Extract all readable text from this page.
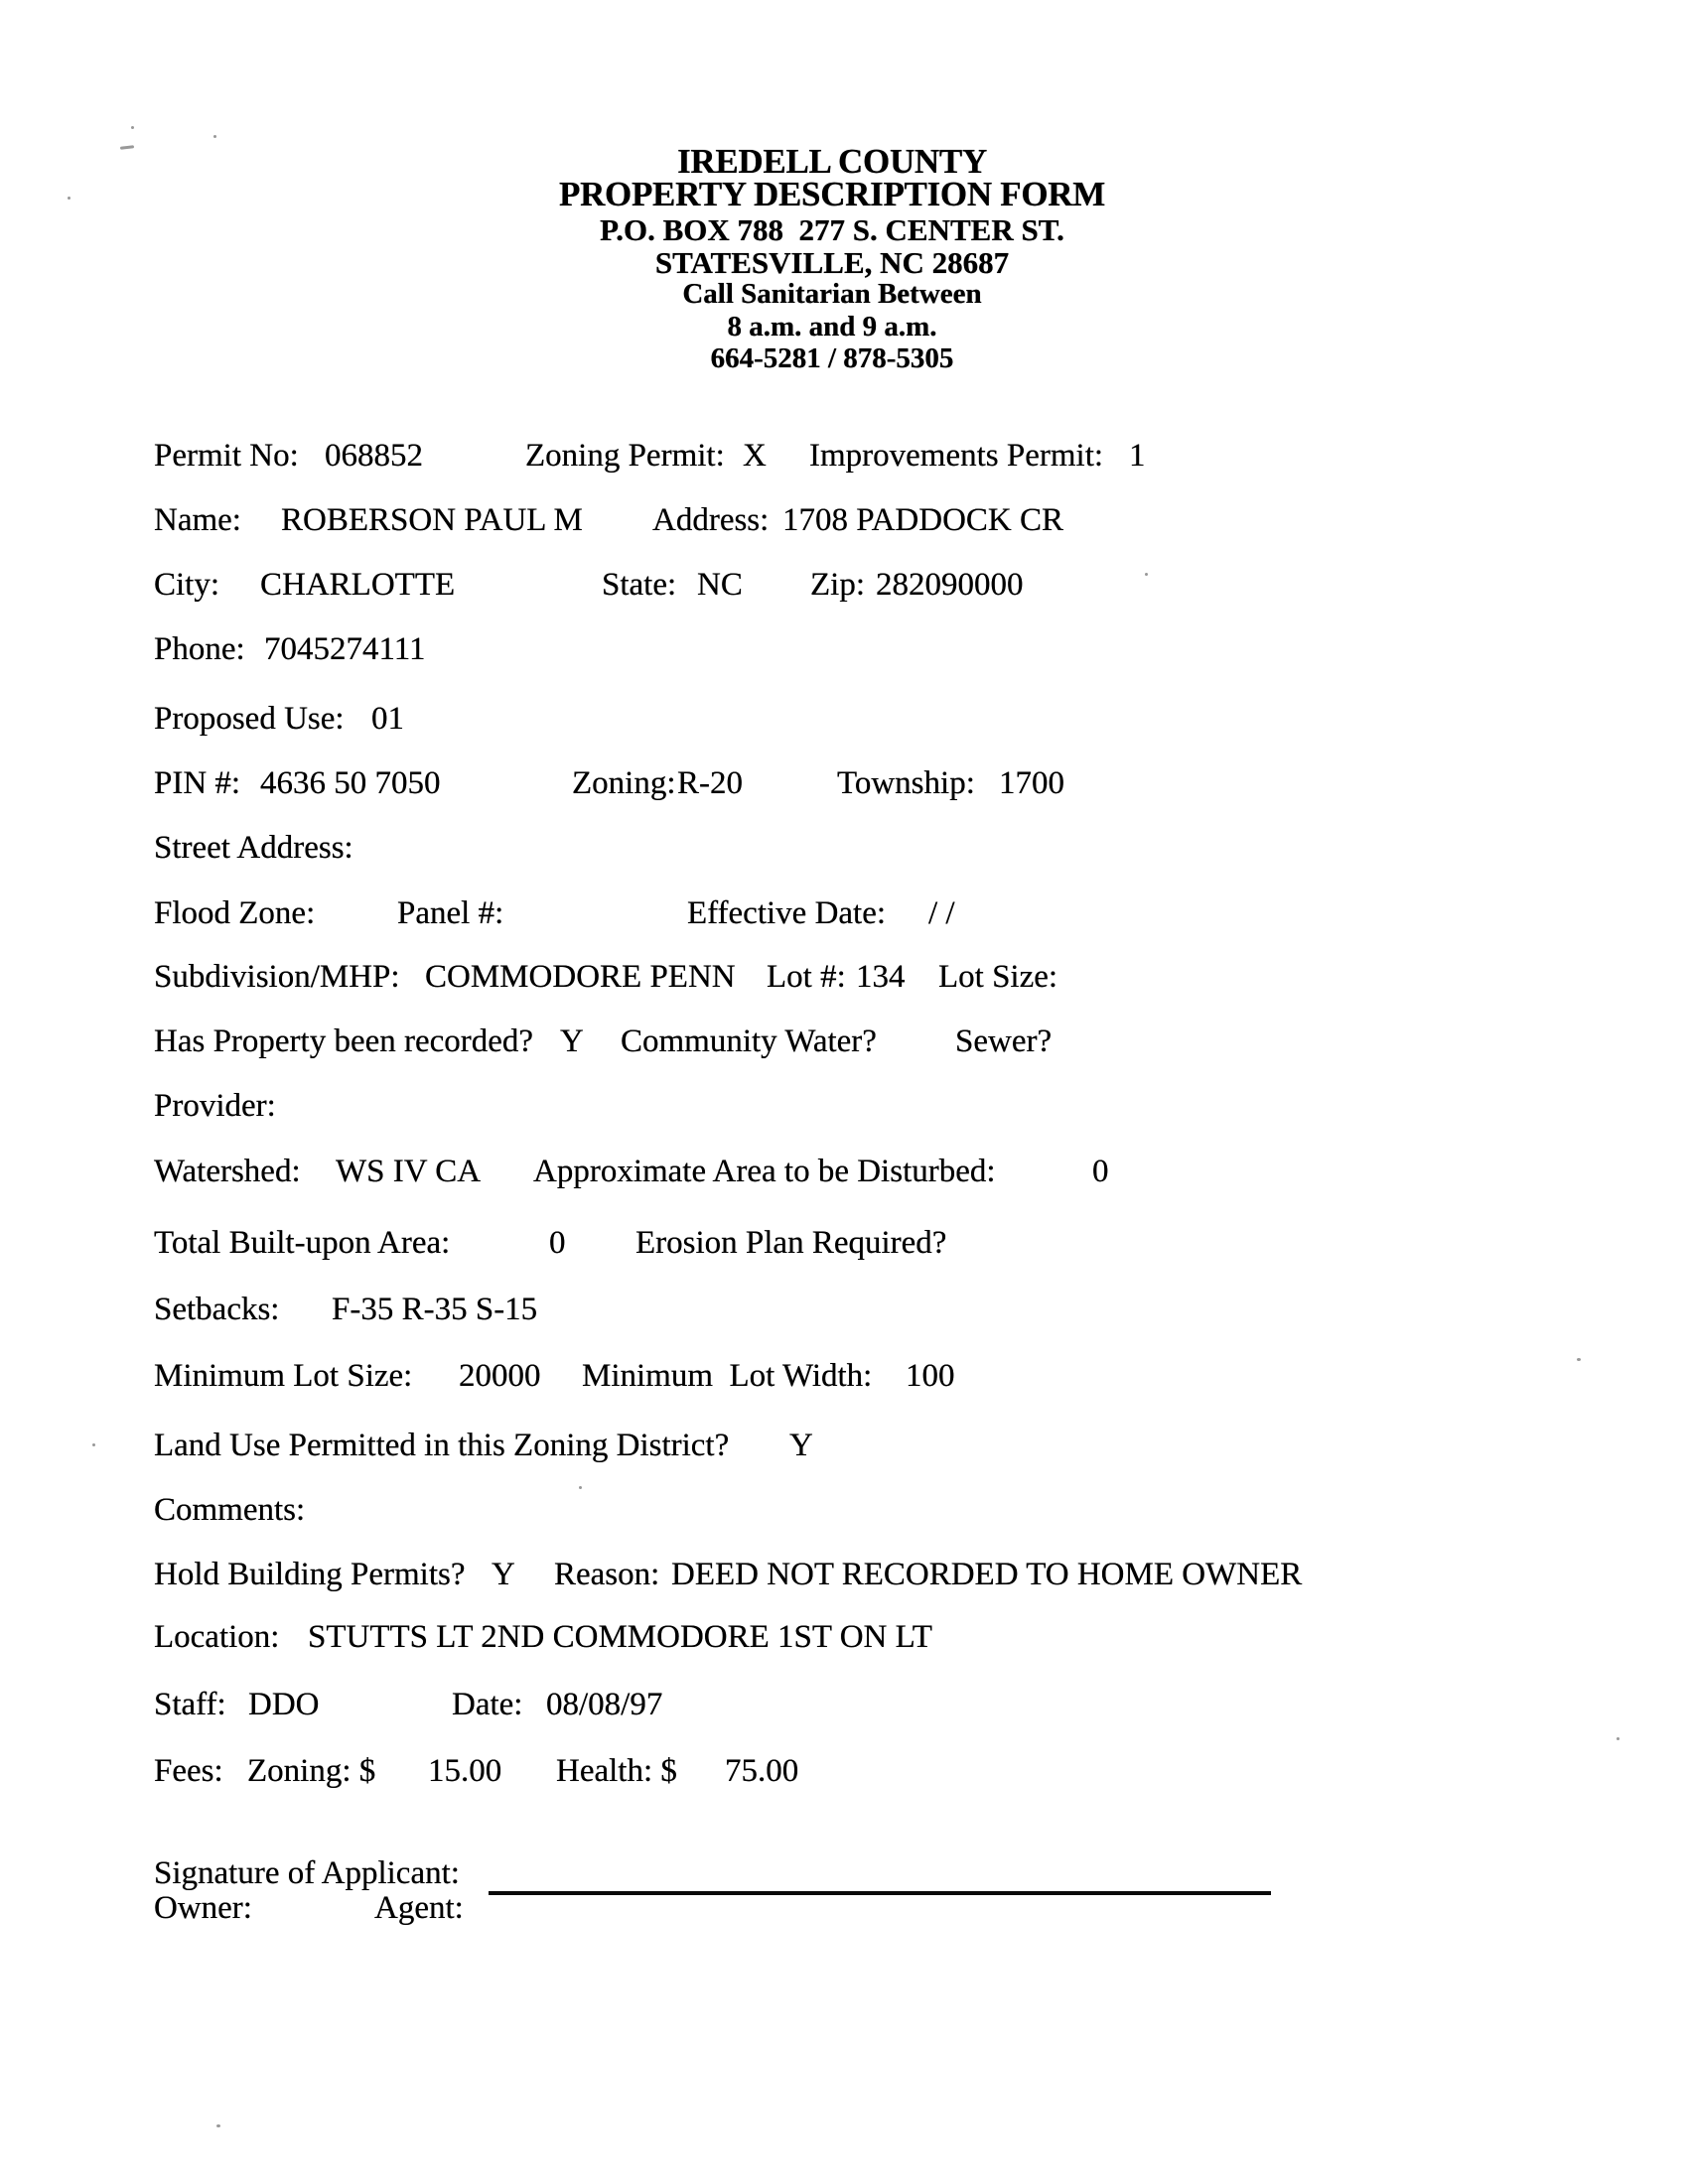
IREDELL COUNTY
PROPERTY DESCRIPTION FORM
P.O. BOX 788  277 S. CENTER ST.
STATESVILLE, NC 28687
Call Sanitarian Between
8 a.m. and 9 a.m.
664-5281 / 878-5305

Permit No:

068852

	Zoning Permit:

X

Improvements Permit:

1

Name:

ROBERSON PAUL M

Address:

1708 PADDOCK CR

City:

CHARLOTTE

	State:

NC

Zip:

282090000

Phone:

7045274111

Proposed Use:

01

PIN #:

4636 50 7050

	Zoning:

R-20

	Township:

1700

Street Address:

Flood Zone:

	Panel #:

	Effective Date:

/ /

Subdivision/MHP:

COMMODORE PENN

Lot #:

134

Lot Size:

Has Property been recorded?

Y

Community Water?

Sewer?

Provider:

Watershed:

WS IV CA

Approximate Area to be Disturbed:

	0

Total Built-upon Area:

	0

Erosion Plan Required?

Setbacks:

F-35 R-35 S-15

Minimum Lot Size:

20000

Minimum  Lot Width:

100

Land Use Permitted in this Zoning District?

Y

Comments:

Hold Building Permits?

Y

Reason:

DEED NOT RECORDED TO HOME OWNER

Location:

STUTTS LT 2ND COMMODORE 1ST ON LT

Staff:

DDO

	Date:

08/08/97

Fees:

Zoning: $

15.00

Health: $

75.00

Signature of Applicant:

Owner:

	Agent:
